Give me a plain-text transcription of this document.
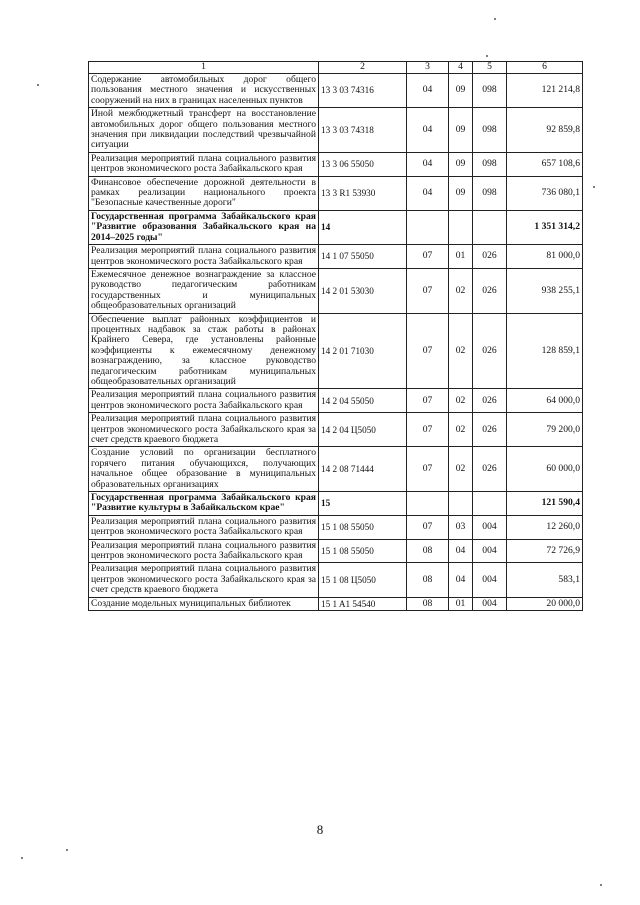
1	2	3	4	5	6
Содержание автомобильных дорог общего пользования местного значения и искусственных сооружений на них в границах населенных пунктов	13 3 03 74316	04	09	098	121 214,8
Иной межбюджетный трансферт на восстановление автомобильных дорог общего пользования местного значения при ликвидации последствий чрезвычайной ситуации	13 3 03 74318	04	09	098	92 859,8
Реализация мероприятий плана социального развития центров экономического роста Забайкальского края	13 3 06 55050	04	09	098	657 108,6
Финансовое обеспечение дорожной деятельности в рамках реализации национального проекта "Безопасные качественные дороги"	13 3 R1 53930	04	09	098	736 080,1
Государственная программа Забайкальского края "Развитие образования Забайкальского края на 2014–2025 годы"	14				1 351 314,2
Реализация мероприятий плана социального развития центров экономического роста Забайкальского края	14 1 07 55050	07	01	026	81 000,0
Ежемесячное денежное вознаграждение за классное руководство педагогическим работникам государственных и муниципальных общеобразовательных организаций	14 2 01 53030	07	02	026	938 255,1
Обеспечение выплат районных коэффициентов и процентных надбавок за стаж работы в районах Крайнего Севера, где установлены районные коэффициенты к ежемесячному денежному вознаграждению, за классное руководство педагогическим работникам муниципальных общеобразовательных организаций	14 2 01 71030	07	02	026	128 859,1
Реализация мероприятий плана социального развития центров экономического роста Забайкальского края	14 2 04 55050	07	02	026	64 000,0
Реализация мероприятий плана социального развития центров экономического роста Забайкальского края за счет средств краевого бюджета	14 2 04 Ц5050	07	02	026	79 200,0
Создание условий по организации бесплатного горячего питания обучающихся, получающих начальное общее образование в муниципальных образовательных организациях	14 2 08 71444	07	02	026	60 000,0
Государственная программа Забайкальского края "Развитие культуры в Забайкальском крае"	15				121 590,4
Реализация мероприятий плана социального развития центров экономического роста Забайкальского края	15 1 08 55050	07	03	004	12 260,0
Реализация мероприятий плана социального развития центров экономического роста Забайкальского края	15 1 08 55050	08	04	004	72 726,9
Реализация мероприятий плана социального развития центров экономического роста Забайкальского края за счет средств краевого бюджета	15 1 08 Ц5050	08	04	004	583,1
Создание модельных муниципальных библиотек	15 1 A1 54540	08	01	004	20 000,0
8
